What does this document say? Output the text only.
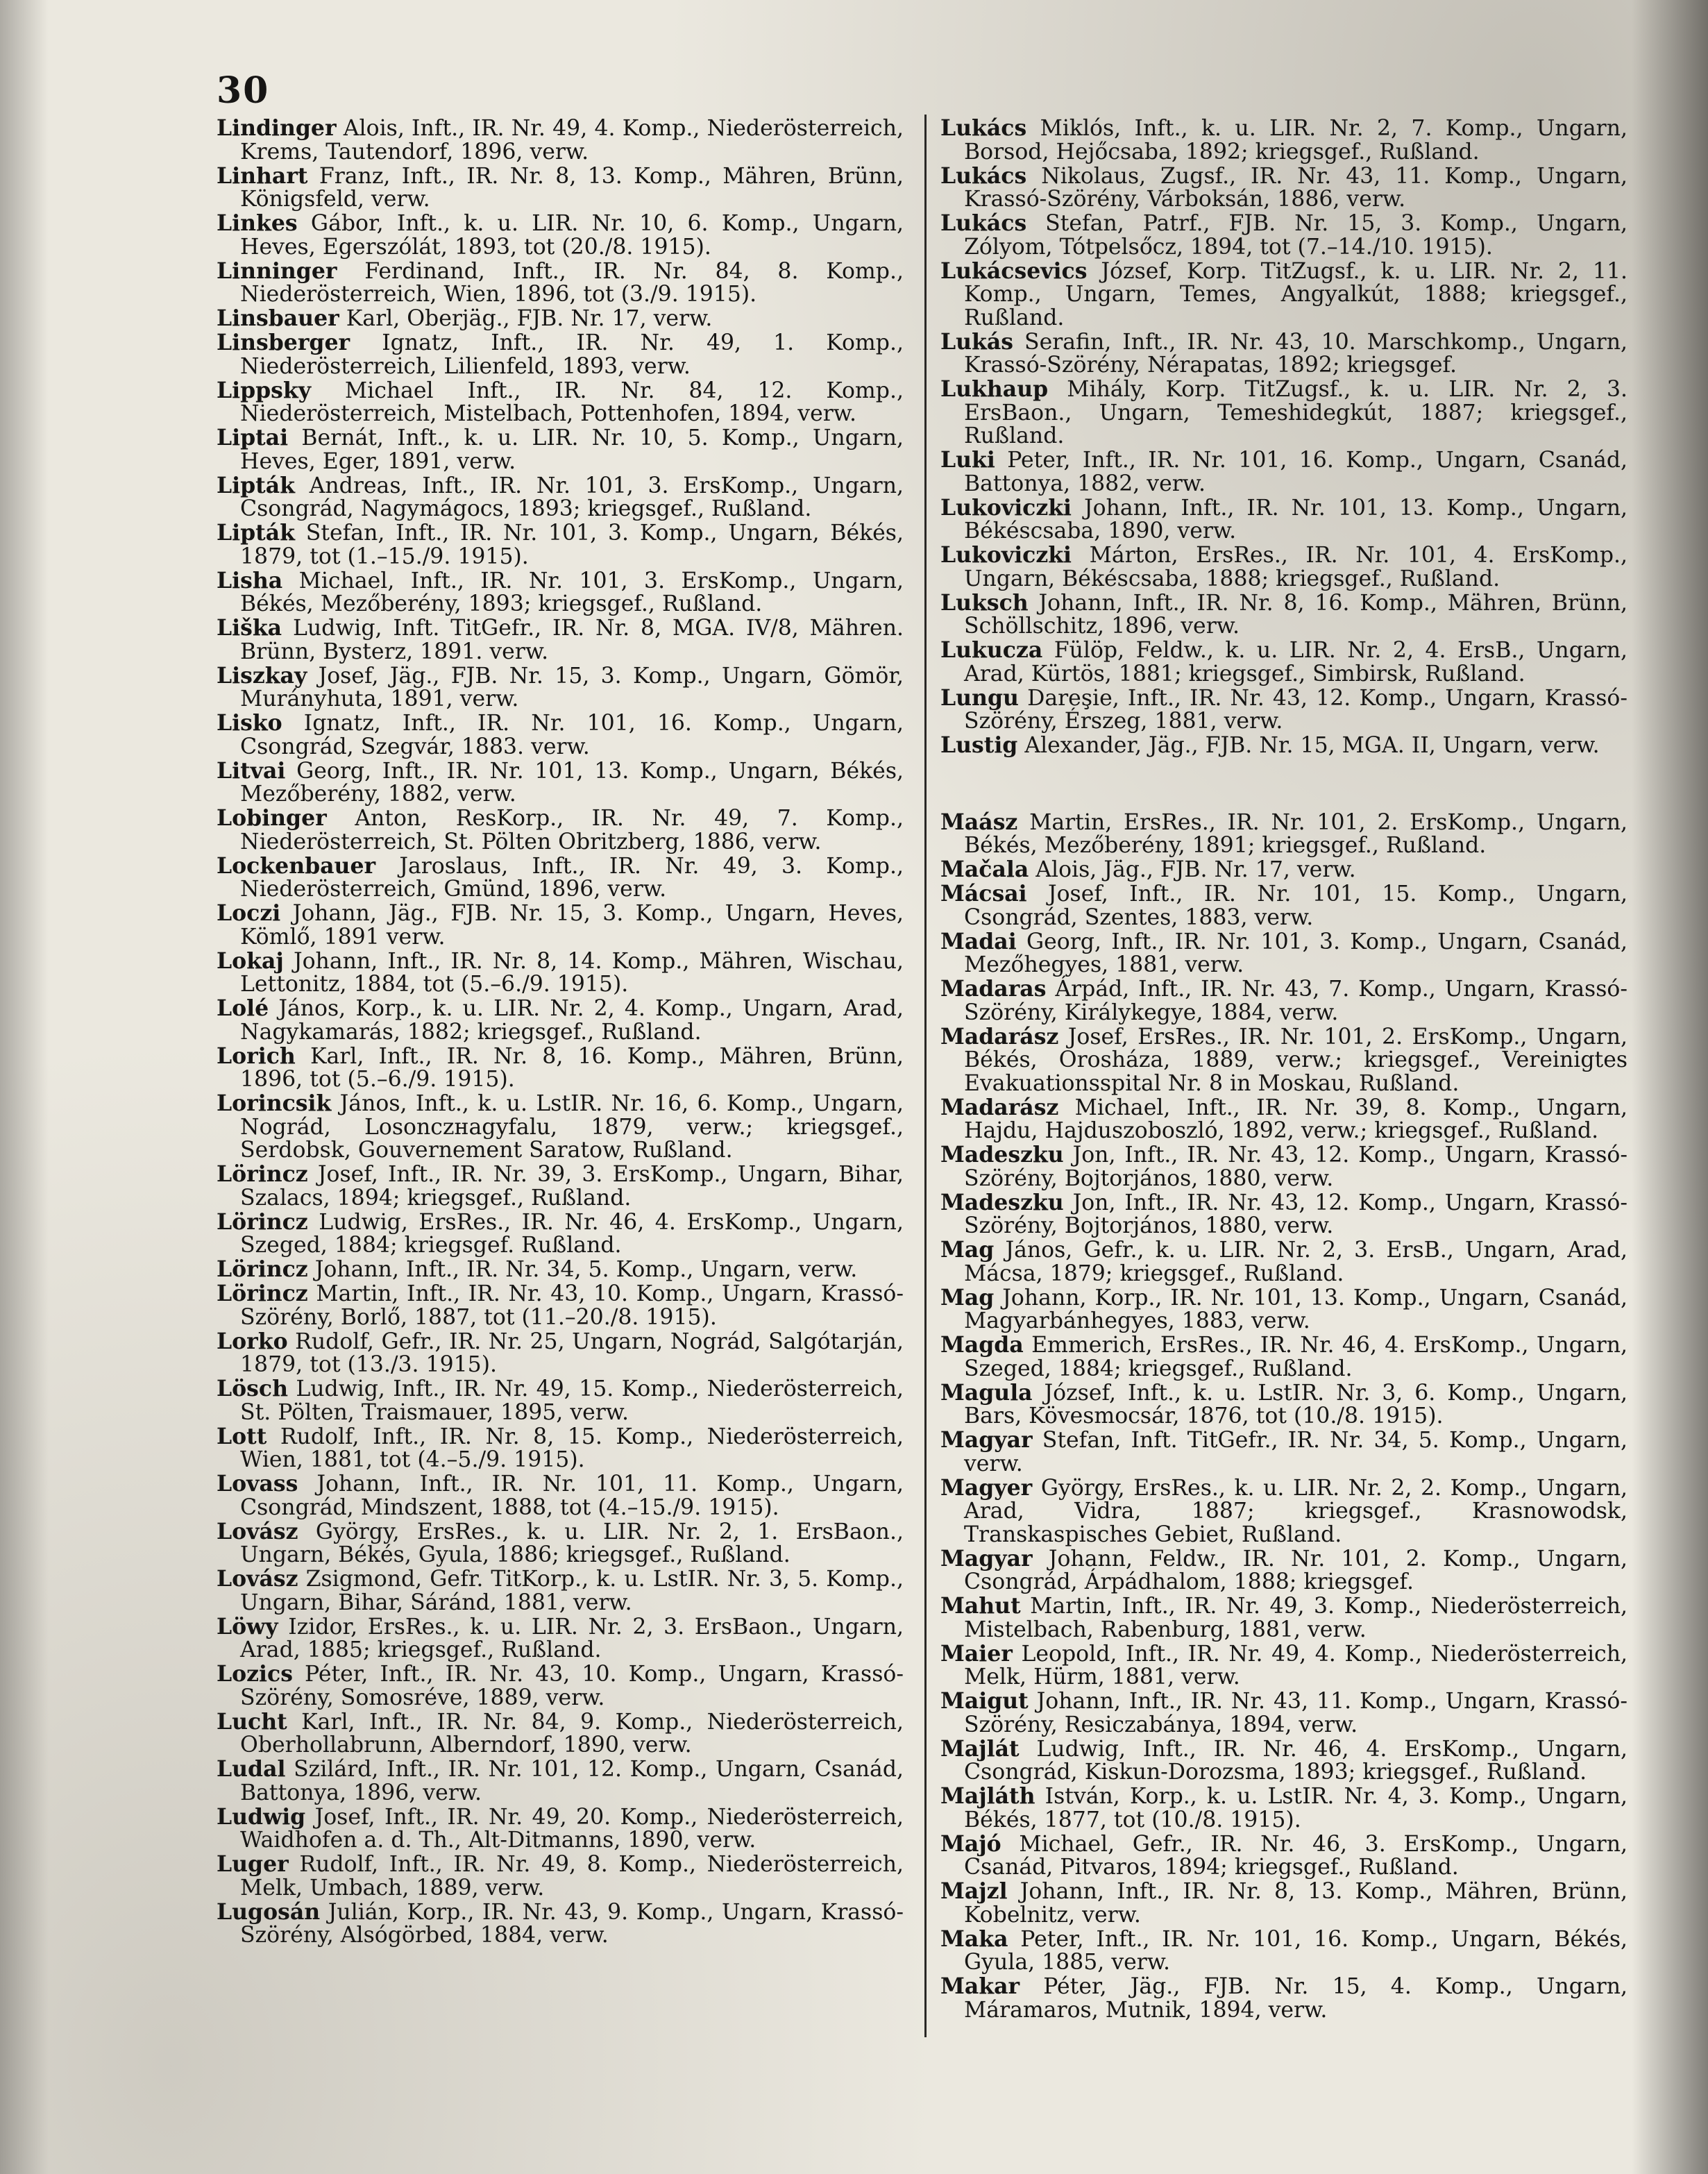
30

Lindinger Alois, Inft., IR. Nr. 49, 4. Komp., Niederösterreich, Krems, Tautendorf, 1896, verw.

Linhart Franz, Inft., IR. Nr. 8, 13. Komp., Mähren, Brünn, Königsfeld, verw.

Linkes Gábor, Inft., k. u. LIR. Nr. 10, 6. Komp., Ungarn, Heves, Egerszólát, 1893, tot (20./8. 1915).

Linninger Ferdinand, Inft., IR. Nr. 84, 8. Komp., Niederösterreich, Wien, 1896, tot (3./9. 1915).

Linsbauer Karl, Oberjäg., FJB. Nr. 17, verw.

Linsberger Ignatz, Inft., IR. Nr. 49, 1. Komp., Niederösterreich, Lilienfeld, 1893, verw.

Lippsky Michael Inft., IR. Nr. 84, 12. Komp., Niederösterreich, Mistelbach, Pottenhofen, 1894, verw.

Liptai Bernát, Inft., k. u. LIR. Nr. 10, 5. Komp., Ungarn, Heves, Eger, 1891, verw.

Lipták Andreas, Inft., IR. Nr. 101, 3. ErsKomp., Ungarn, Csongrád, Nagymágocs, 1893; kriegsgef., Rußland.

Lipták Stefan, Inft., IR. Nr. 101, 3. Komp., Ungarn, Békés, 1879, tot (1.–15./9. 1915).

Lisha Michael, Inft., IR. Nr. 101, 3. ErsKomp., Ungarn, Békés, Mezőberény, 1893; kriegsgef., Rußland.

Liška Ludwig, Inft. TitGefr., IR. Nr. 8, MGA. IV/8, Mähren. Brünn, Bysterz, 1891. verw.

Liszkay Josef, Jäg., FJB. Nr. 15, 3. Komp., Ungarn, Gömör, Murányhuta, 1891, verw.

Lisko Ignatz, Inft., IR. Nr. 101, 16. Komp., Ungarn, Csongrád, Szegvár, 1883. verw.

Litvai Georg, Inft., IR. Nr. 101, 13. Komp., Ungarn, Békés, Mezőberény, 1882, verw.

Lobinger Anton, ResKorp., IR. Nr. 49, 7. Komp., Niederösterreich, St. Pölten Obritzberg, 1886, verw.

Lockenbauer Jaroslaus, Inft., IR. Nr. 49, 3. Komp., Niederösterreich, Gmünd, 1896, verw.

Loczi Johann, Jäg., FJB. Nr. 15, 3. Komp., Ungarn, Heves, Kömlő, 1891 verw.

Lokaj Johann, Inft., IR. Nr. 8, 14. Komp., Mähren, Wischau, Lettonitz, 1884, tot (5.–6./9. 1915).

Lolé János, Korp., k. u. LIR. Nr. 2, 4. Komp., Ungarn, Arad, Nagykamarás, 1882; kriegsgef., Rußland.

Lorich Karl, Inft., IR. Nr. 8, 16. Komp., Mähren, Brünn, 1896, tot (5.–6./9. 1915).

Lorincsik János, Inft., k. u. LstIR. Nr. 16, 6. Komp., Ungarn, Nográd, Losonczнagyfalu, 1879, verw.; kriegsgef., Serdobsk, Gouvernement Saratow, Rußland.

Lörincz Josef, Inft., IR. Nr. 39, 3. ErsKomp., Ungarn, Bihar, Szalacs, 1894; kriegsgef., Rußland.

Lörincz Ludwig, ErsRes., IR. Nr. 46, 4. ErsKomp., Ungarn, Szeged, 1884; kriegsgef. Rußland.

Lörincz Johann, Inft., IR. Nr. 34, 5. Komp., Ungarn, verw.

Lörincz Martin, Inft., IR. Nr. 43, 10. Komp., Ungarn, Krassó-Szörény, Borlő, 1887, tot (11.–20./8. 1915).

Lorko Rudolf, Gefr., IR. Nr. 25, Ungarn, Nográd, Salgótarján, 1879, tot (13./3. 1915).

Lösch Ludwig, Inft., IR. Nr. 49, 15. Komp., Niederösterreich, St. Pölten, Traismauer, 1895, verw.

Lott Rudolf, Inft., IR. Nr. 8, 15. Komp., Niederösterreich, Wien, 1881, tot (4.–5./9. 1915).

Lovass Johann, Inft., IR. Nr. 101, 11. Komp., Ungarn, Csongrád, Mindszent, 1888, tot (4.–15./9. 1915).

Lovász György, ErsRes., k. u. LIR. Nr. 2, 1. ErsBaon., Ungarn, Békés, Gyula, 1886; kriegsgef., Rußland.

Lovász Zsigmond, Gefr. TitKorp., k. u. LstIR. Nr. 3, 5. Komp., Ungarn, Bihar, Sáránd, 1881, verw.

Löwy Izidor, ErsRes., k. u. LIR. Nr. 2, 3. ErsBaon., Ungarn, Arad, 1885; kriegsgef., Rußland.

Lozics Péter, Inft., IR. Nr. 43, 10. Komp., Ungarn, Krassó-Szörény, Somosréve, 1889, verw.

Lucht Karl, Inft., IR. Nr. 84, 9. Komp., Niederösterreich, Oberhollabrunn, Alberndorf, 1890, verw.

Ludal Szilárd, Inft., IR. Nr. 101, 12. Komp., Ungarn, Csanád, Battonya, 1896, verw.

Ludwig Josef, Inft., IR. Nr. 49, 20. Komp., Niederösterreich, Waidhofen a. d. Th., Alt-Ditmanns, 1890, verw.

Luger Rudolf, Inft., IR. Nr. 49, 8. Komp., Niederösterreich, Melk, Umbach, 1889, verw.

Lugosán Julián, Korp., IR. Nr. 43, 9. Komp., Ungarn, Krassó-Szörény, Alsógörbed, 1884, verw.

Lukács Miklós, Inft., k. u. LIR. Nr. 2, 7. Komp., Ungarn, Borsod, Hejőcsaba, 1892; kriegsgef., Rußland.

Lukács Nikolaus, Zugsf., IR. Nr. 43, 11. Komp., Ungarn, Krassó-Szörény, Várboksán, 1886, verw.

Lukács Stefan, Patrf., FJB. Nr. 15, 3. Komp., Ungarn, Zólyom, Tótpelsőcz, 1894, tot (7.–14./10. 1915).

Lukácsevics József, Korp. TitZugsf., k. u. LIR. Nr. 2, 11. Komp., Ungarn, Temes, Angyalkút, 1888; kriegsgef., Rußland.

Lukás Serafin, Inft., IR. Nr. 43, 10. Marschkomp., Ungarn, Krassó-Szörény, Nérapatas, 1892; kriegsgef.

Lukhaup Mihály, Korp. TitZugsf., k. u. LIR. Nr. 2, 3. ErsBaon., Ungarn, Temeshidegkút, 1887; kriegsgef., Rußland.

Luki Peter, Inft., IR. Nr. 101, 16. Komp., Ungarn, Csanád, Battonya, 1882, verw.

Lukoviczki Johann, Inft., IR. Nr. 101, 13. Komp., Ungarn, Békéscsaba, 1890, verw.

Lukoviczki Márton, ErsRes., IR. Nr. 101, 4. ErsKomp., Ungarn, Békéscsaba, 1888; kriegsgef., Rußland.

Luksch Johann, Inft., IR. Nr. 8, 16. Komp., Mähren, Brünn, Schöllschitz, 1896, verw.

Lukucza Fülöp, Feldw., k. u. LIR. Nr. 2, 4. ErsB., Ungarn, Arad, Kürtös, 1881; kriegsgef., Simbirsk, Rußland.

Lungu Dareşie, Inft., IR. Nr. 43, 12. Komp., Ungarn, Krassó-Szörény, Érszeg, 1881, verw.

Lustig Alexander, Jäg., FJB. Nr. 15, MGA. II, Ungarn, verw.

Maász Martin, ErsRes., IR. Nr. 101, 2. ErsKomp., Ungarn, Békés, Mezőberény, 1891; kriegsgef., Rußland.

Mačala Alois, Jäg., FJB. Nr. 17, verw.

Mácsai Josef, Inft., IR. Nr. 101, 15. Komp., Ungarn, Csongrád, Szentes, 1883, verw.

Madai Georg, Inft., IR. Nr. 101, 3. Komp., Ungarn, Csanád, Mezőhegyes, 1881, verw.

Madaras Árpád, Inft., IR. Nr. 43, 7. Komp., Ungarn, Krassó-Szörény, Királykegye, 1884, verw.

Madarász Josef, ErsRes., IR. Nr. 101, 2. ErsKomp., Ungarn, Békés, Orosháza, 1889, verw.; kriegsgef., Vereinigtes Evakuationsspital Nr. 8 in Moskau, Rußland.

Madarász Michael, Inft., IR. Nr. 39, 8. Komp., Ungarn, Hajdu, Hajduszoboszló, 1892, verw.; kriegsgef., Rußland.

Madeszku Jon, Inft., IR. Nr. 43, 12. Komp., Ungarn, Krassó-Szörény, Bojtorjános, 1880, verw.

Madeszku Jon, Inft., IR. Nr. 43, 12. Komp., Ungarn, Krassó-Szörény, Bojtorjános, 1880, verw.

Mag János, Gefr., k. u. LIR. Nr. 2, 3. ErsB., Ungarn, Arad, Mácsa, 1879; kriegsgef., Rußland.

Mag Johann, Korp., IR. Nr. 101, 13. Komp., Ungarn, Csanád, Magyarbánhegyes, 1883, verw.

Magda Emmerich, ErsRes., IR. Nr. 46, 4. ErsKomp., Ungarn, Szeged, 1884; kriegsgef., Rußland.

Magula József, Inft., k. u. LstIR. Nr. 3, 6. Komp., Ungarn, Bars, Kövesmocsár, 1876, tot (10./8. 1915).

Magyar Stefan, Inft. TitGefr., IR. Nr. 34, 5. Komp., Ungarn, verw.

Magyer György, ErsRes., k. u. LIR. Nr. 2, 2. Komp., Ungarn, Arad, Vidra, 1887; kriegsgef., Krasnowodsk, Transkaspisches Gebiet, Rußland.

Magyar Johann, Feldw., IR. Nr. 101, 2. Komp., Ungarn, Csongrád, Árpádhalom, 1888; kriegsgef.

Mahut Martin, Inft., IR. Nr. 49, 3. Komp., Niederösterreich, Mistelbach, Rabenburg, 1881, verw.

Maier Leopold, Inft., IR. Nr. 49, 4. Komp., Niederösterreich, Melk, Hürm, 1881, verw.

Maigut Johann, Inft., IR. Nr. 43, 11. Komp., Ungarn, Krassó-Szörény, Resiczabánya, 1894, verw.

Majlát Ludwig, Inft., IR. Nr. 46, 4. ErsKomp., Ungarn, Csongrád, Kiskun-Dorozsma, 1893; kriegsgef., Rußland.

Majláth István, Korp., k. u. LstIR. Nr. 4, 3. Komp., Ungarn, Békés, 1877, tot (10./8. 1915).

Majó Michael, Gefr., IR. Nr. 46, 3. ErsKomp., Ungarn, Csanád, Pitvaros, 1894; kriegsgef., Rußland.

Majzl Johann, Inft., IR. Nr. 8, 13. Komp., Mähren, Brünn, Kobelnitz, verw.

Maka Peter, Inft., IR. Nr. 101, 16. Komp., Ungarn, Békés, Gyula, 1885, verw.

Makar Péter, Jäg., FJB. Nr. 15, 4. Komp., Ungarn, Máramaros, Mutnik, 1894, verw.
